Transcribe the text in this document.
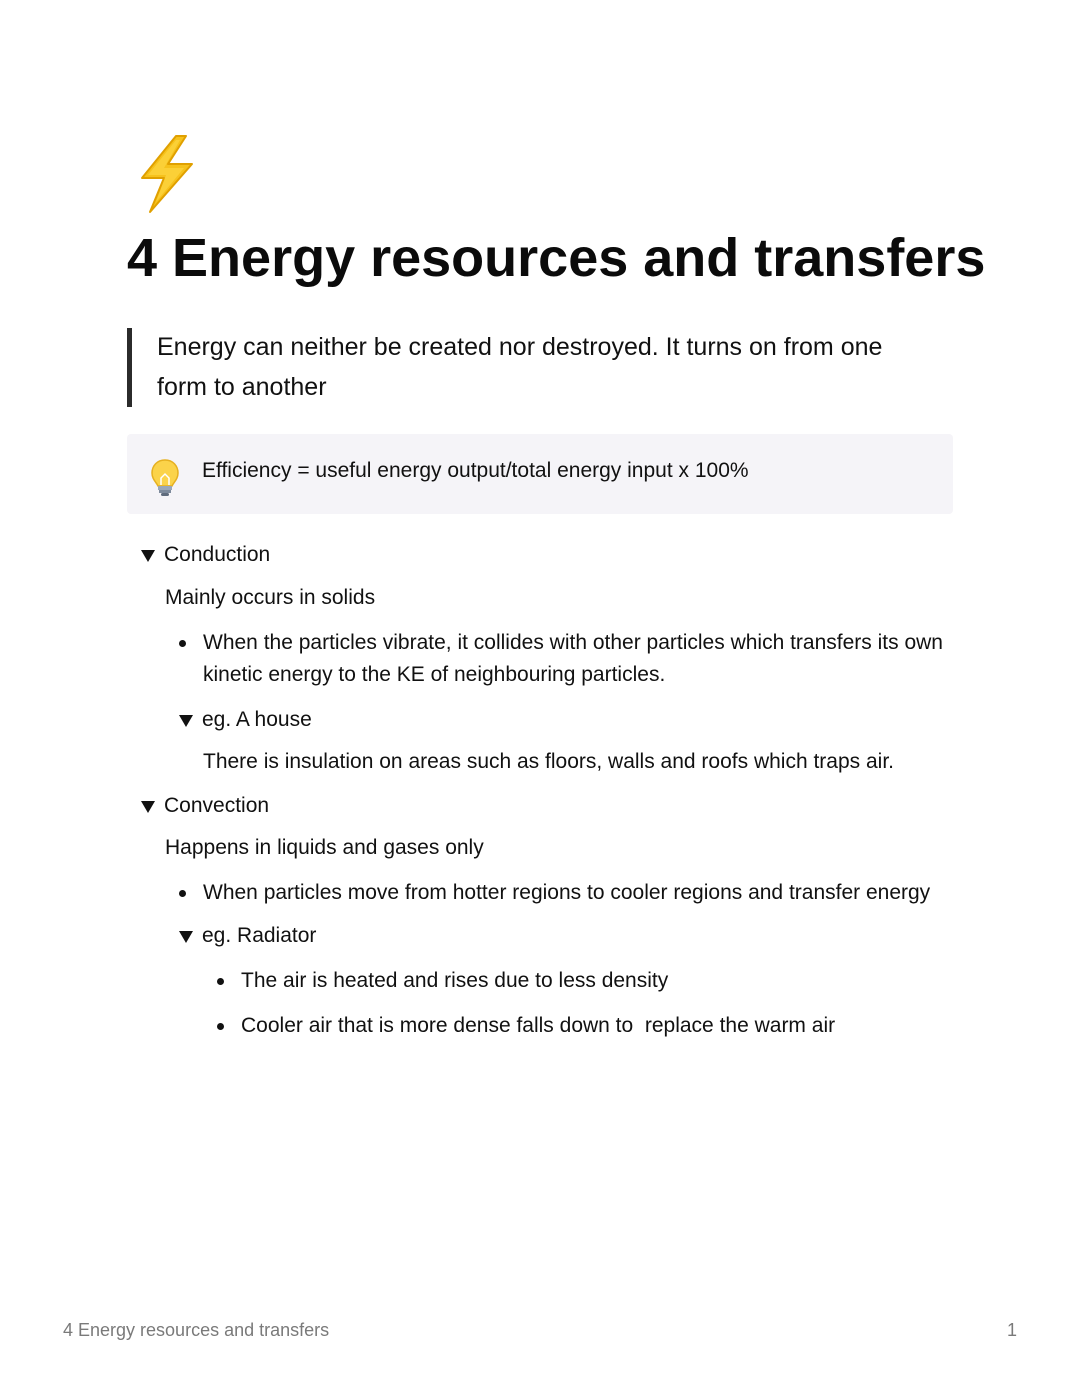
4 Energy resources and transfers
Energy can neither be created nor destroyed. It turns on from one
form to another
Efficiency = useful energy output/total energy input x 100%
Conduction
Mainly occurs in solids
When the particles vibrate, it collides with other particles which transfers its own
kinetic energy to the KE of neighbouring particles.
eg. A house
There is insulation on areas such as floors, walls and roofs which traps air.
Convection
Happens in liquids and gases only
When particles move from hotter regions to cooler regions and transfer energy
eg. Radiator
The air is heated and rises due to less density
Cooler air that is more dense falls down to  replace the warm air
4 Energy resources and transfers	1
